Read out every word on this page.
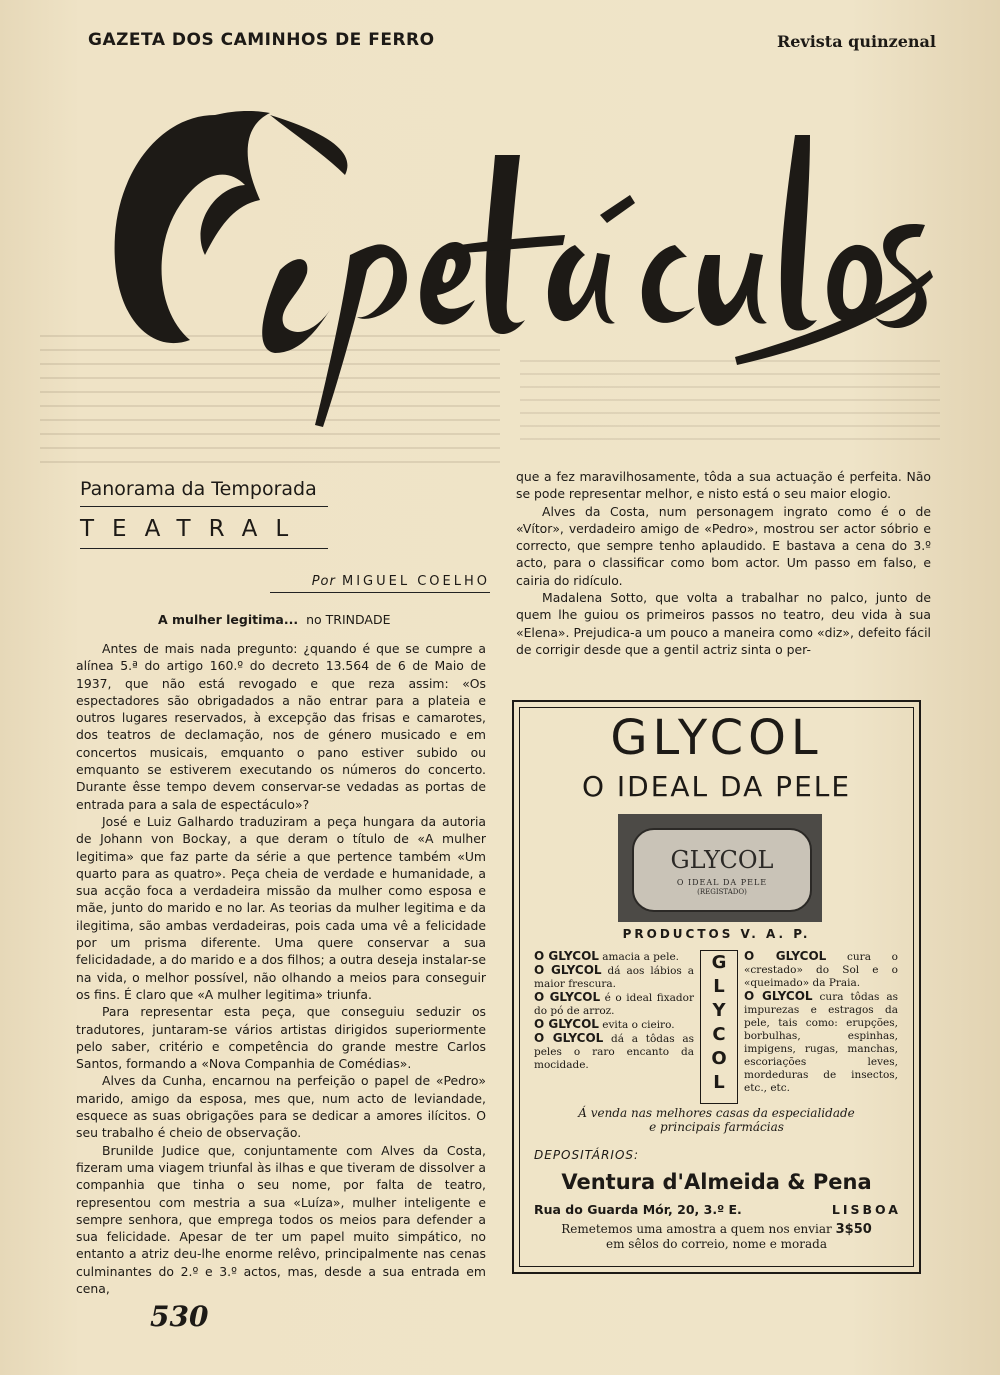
GAZETA DOS CAMINHOS DE FERRO	Revista quinzenal
Panorama da Temporada
TEATRAL
Por MIGUEL COELHO
A mulher legitima... no TRINDADE

Antes de mais nada pregunto: ¿quando é que se cumpre a alínea 5.ª do artigo 160.º do decreto 13.564 de 6 de Maio de 1937, que não está revogado e que reza assim: «Os espectadores são obrigadados a não entrar para a plateia e outros lugares reservados, à excepção das frisas e camarotes, dos teatros de declamação, nos de género musicado e em concertos musicais, emquanto o pano estiver subido ou emquanto se estiverem executando os números do concerto. Durante êsse tempo devem conservar-se vedadas as portas de entrada para a sala de espectáculo»?

José e Luiz Galhardo traduziram a peça hungara da autoria de Johann von Bockay, a que deram o título de «A mulher legitima» que faz parte da série a que pertence também «Um quarto para as quatro». Peça cheia de verdade e humanidade, a sua acção foca a verdadeira missão da mulher como esposa e mãe, junto do marido e no lar. As teorias da mulher legitima e da ilegitima, são ambas verdadeiras, pois cada uma vê a felicidade por um prisma diferente. Uma quere conservar a sua felicidadade, a do marido e a dos filhos; a outra deseja instalar-se na vida, o melhor possível, não olhando a meios para conseguir os fins. É claro que «A mulher legitima» triunfa.

Para representar esta peça, que conseguiu seduzir os tradutores, juntaram-se vários artistas dirigidos superiormente pelo saber, critério e competência do grande mestre Carlos Santos, formando a «Nova Companhia de Comédias».

Alves da Cunha, encarnou na perfeição o papel de «Pedro» marido, amigo da esposa, mes que, num acto de leviandade, esquece as suas obrigações para se dedicar a amores ilícitos. O seu trabalho é cheio de observação.

Brunilde Judice que, conjuntamente com Alves da Costa, fizeram uma viagem triunfal às ilhas e que tiveram de dissolver a companhia que tinha o seu nome, por falta de teatro, representou com mestria a sua «Luíza», mulher inteligente e sempre senhora, que emprega todos os meios para defender a sua felicidade. Apesar de ter um papel muito simpático, no entanto a atriz deu-lhe enorme relêvo, principalmente nas cenas culminantes do 2.º e 3.º actos, mas, desde a sua entrada em cena,

que a fez maravilhosamente, tôda a sua actuação é perfeita. Não se pode representar melhor, e nisto está o seu maior elogio.

Alves da Costa, num personagem ingrato como é o de «Vítor», verdadeiro amigo de «Pedro», mostrou ser actor sóbrio e correcto, que sempre tenho aplaudido. E bastava a cena do 3.º acto, para o classificar como bom actor. Um passo em falso, e cairia do ridículo.

Madalena Sotto, que volta a trabalhar no palco, junto de quem lhe guiou os primeiros passos no teatro, deu vida à sua «Elena». Prejudica-a um pouco a maneira como «diz», defeito fácil de corrigir desde que a gentil actriz sinta o per-

GLYCOL
O IDEAL DA PELE
GLYCOL
O IDEAL DA PELE
(REGISTADO)
PRODUCTOS V. A. P.

O GLYCOL amacia a pele.

O GLYCOL dá aos lábios a maior frescura.

O GLYCOL é o ideal fixador do pó de arroz.

O GLYCOL evita o cieiro.

O GLYCOL dá a tôdas as peles o raro encanto da mocidade.

G
L
Y
C
O
L

O GLYCOL cura o «crestado» do Sol e o «queimado» da Praia.

O GLYCOL cura tôdas as impurezas e estragos da pele, tais como: erupções, borbulhas, espinhas, impigens, rugas, manchas, escoriações leves, mordeduras de insectos, etc., etc.

Á venda nas melhores casas da especialidade
e principais farmácias
DEPOSITÁRIOS:
Ventura d'Almeida & Pena
Rua do Guarda Mór, 20, 3.º E.	LISBOA
Remetemos uma amostra a quem nos enviar 3$50
em sêlos do correio, nome e morada
530
